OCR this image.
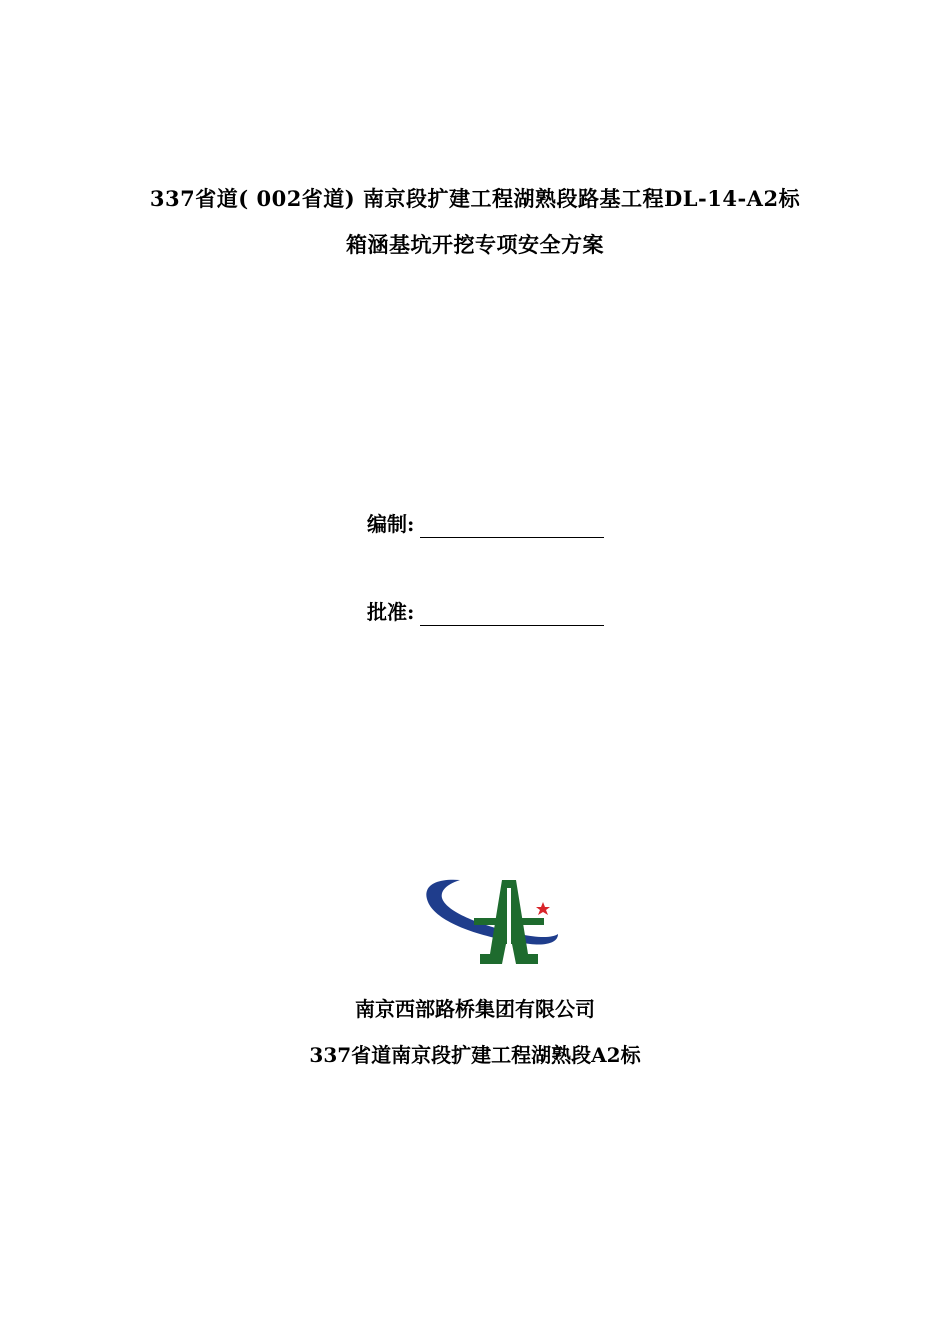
337省道( 002省道) 南京段扩建工程湖熟段路基工程DL-14-A2标
箱涵基坑开挖专项安全方案
编制:
批准:
南京西部路桥集团有限公司
337省道南京段扩建工程湖熟段A2标
